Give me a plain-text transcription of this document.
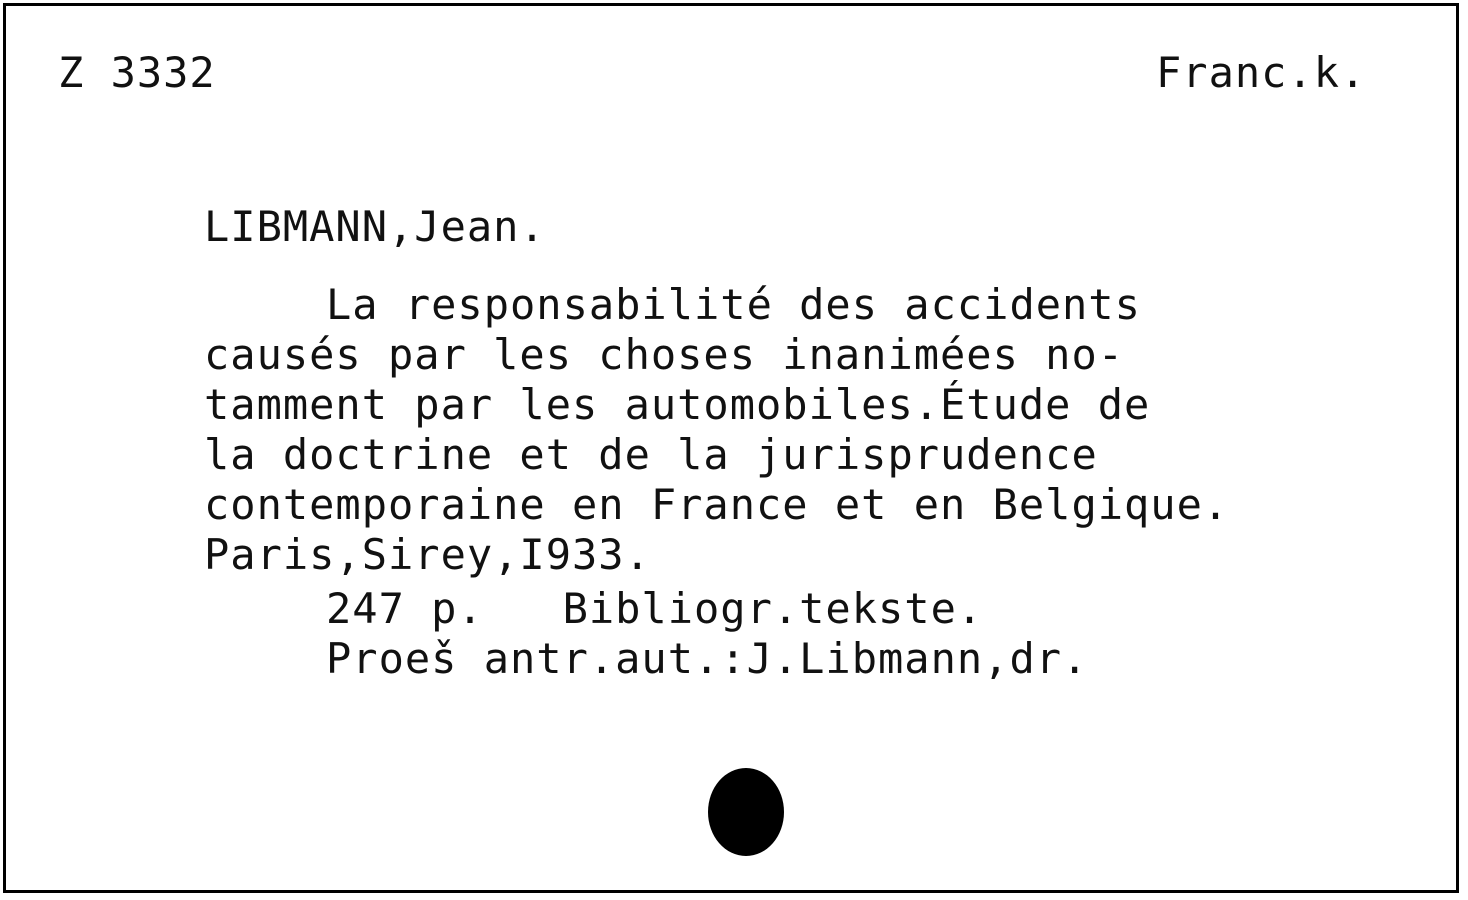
Z 3332	Franc.k.
LIBMANN,Jean.
La responsabilité des accidents
causés par les choses inanimées no-
tamment par les automobiles.Étude de
la doctrine et de la jurisprudence
contemporaine en France et en Belgique.
Paris,Sirey,I933.
247 p.   Bibliogr.tekste.
Proeš antr.aut.:J.Libmann,dr.
